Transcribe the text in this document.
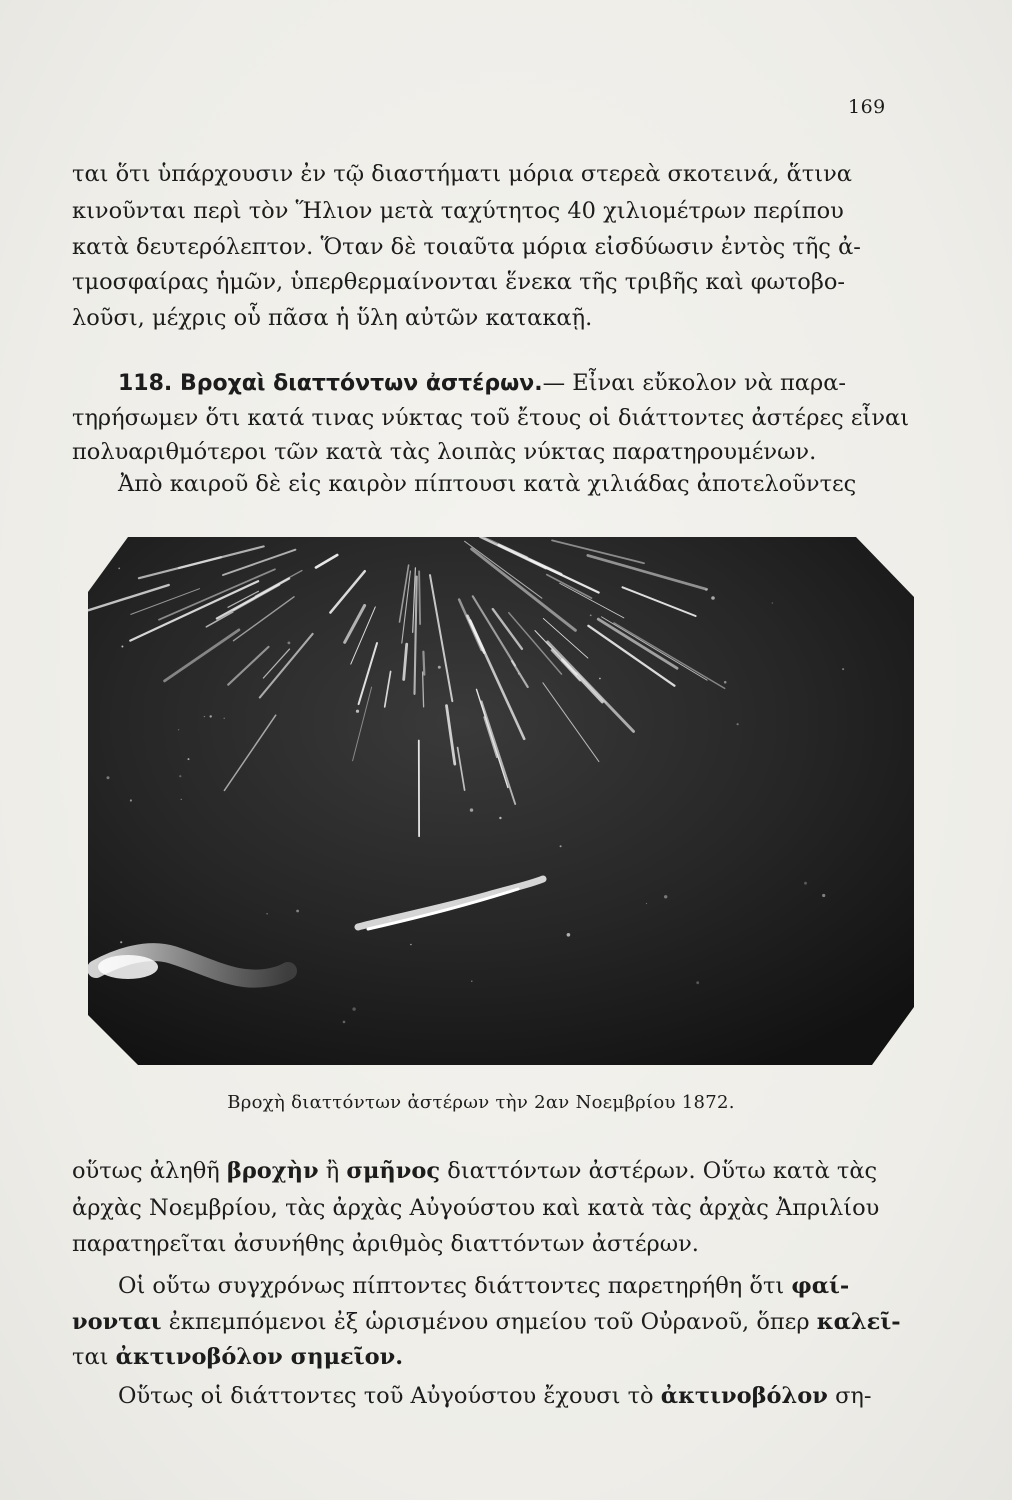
169
ται ὅτι ὑπάρχουσιν ἐν τῷ διαστήματι μόρια στερεὰ σκοτεινά, ἅτινα
κινοῦνται περὶ τὸν Ἥλιον μετὰ ταχύτητος 40 χιλιομέτρων περίπου
κατὰ δευτερόλεπτον. Ὅταν δὲ τοιαῦτα μόρια εἰσδύωσιν ἐντὸς τῆς ἀ-
τμοσφαίρας ἡμῶν, ὑπερθερμαίνονται ἕνεκα τῆς τριβῆς καὶ φωτοβο-
λοῦσι, μέχρις οὗ πᾶσα ἡ ὕλη αὐτῶν κατακαῇ.
118. Βροχαὶ διαττόντων ἀστέρων.— Εἶναι εὔκολον νὰ παρα-
τηρήσωμεν ὅτι κατά τινας νύκτας τοῦ ἔτους οἱ διάττοντες ἀστέρες εἶναι
πολυαριθμότεροι τῶν κατὰ τὰς λοιπὰς νύκτας παρατηρουμένων.
Ἀπὸ καιροῦ δὲ εἰς καιρὸν πίπτουσι κατὰ χιλιάδας ἀποτελοῦντες
Βροχὴ διαττόντων ἀστέρων τὴν 2αν Νοεμβρίου 1872.
οὕτως ἀληθῆ βροχὴν ἢ σμῆνος διαττόντων ἀστέρων. Οὕτω κατὰ τὰς
ἀρχὰς Νοεμβρίου, τὰς ἀρχὰς Αὐγούστου καὶ κατὰ τὰς ἀρχὰς Ἀπριλίου
παρατηρεῖται ἀσυνήθης ἀριθμὸς διαττόντων ἀστέρων.
Οἱ οὕτω συγχρόνως πίπτοντες διάττοντες παρετηρήθη ὅτι φαί-
νονται ἐκπεμπόμενοι ἐξ ὡρισμένου σημείου τοῦ Οὐρανοῦ, ὅπερ καλεῖ-
ται ἀκτινοβόλον σημεῖον.
Οὕτως οἱ διάττοντες τοῦ Αὐγούστου ἔχουσι τὸ ἀκτινοβόλον ση-
